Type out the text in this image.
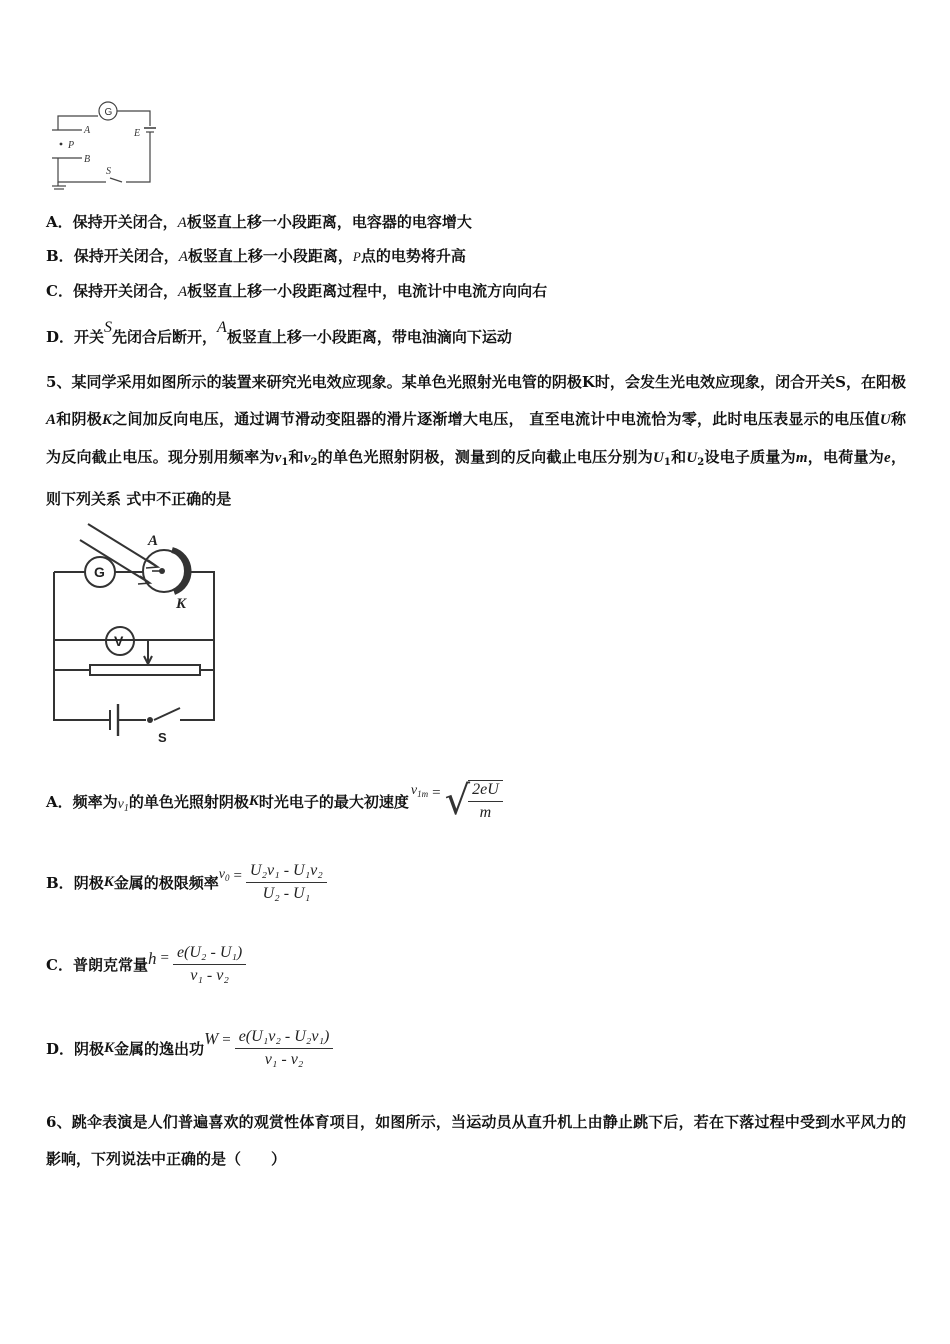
G
A
P
B
E
S
A．保持开关闭合，A板竖直上移一小段距离，电容器的电容增大
B．保持开关闭合，A板竖直上移一小段距离，P点的电势将升高
C．保持开关闭合，A板竖直上移一小段距离过程中，电流计中电流方向向右
D．开关S先闭合后断开，A板竖直上移一小段距离，带电油滴向下运动
5、某同学采用如图所示的装置来研究光电效应现象。某单色光照射光电管的阴极K时，会发生光电效应现象，闭合开关S，在阳极A和阴极K之间加反向电压，通过调节滑动变阻器的滑片逐渐增大电压， 直至电流计中电流恰为零，此时电压表显示的电压值U称为反向截止电压。现分别用频率为$v_1$和$v_2$的单色光照射阴极，测量到的反向截止电压分别为$U_1$和$U_2$设电子质量为m，电荷量为e，则下列关系 式中不正确的是
A
K
G
V
S
A． 频率为 $v_1$ 的单色光照射阴极 K 时光电子的最大初速度
$v_{1m}$ = √
$\frac{2eU}{m}$
B． 阴极 K 金属的极限频率 $v_0 = \frac{\text{U₂v₁ - U₁v₂}}{\text{U₂ - U₁}}$
C． 普朗克常量 $h = \frac{\text{e(U₂ - U₁)}}{\text{v₁ - v₂}}$
D． 阴极 K 金属的逸出功
$W = \frac{\text{e(U₁v₂ - U₂v₁)}}{\text{v₁ - v₂}}$
6、跳伞表演是人们普遍喜欢的观赏性体育项目，如图所示，当运动员从直升机上由静止跳下后，若在下落过程中受到水平风力的影响，下列说法中正确的是（　　）
